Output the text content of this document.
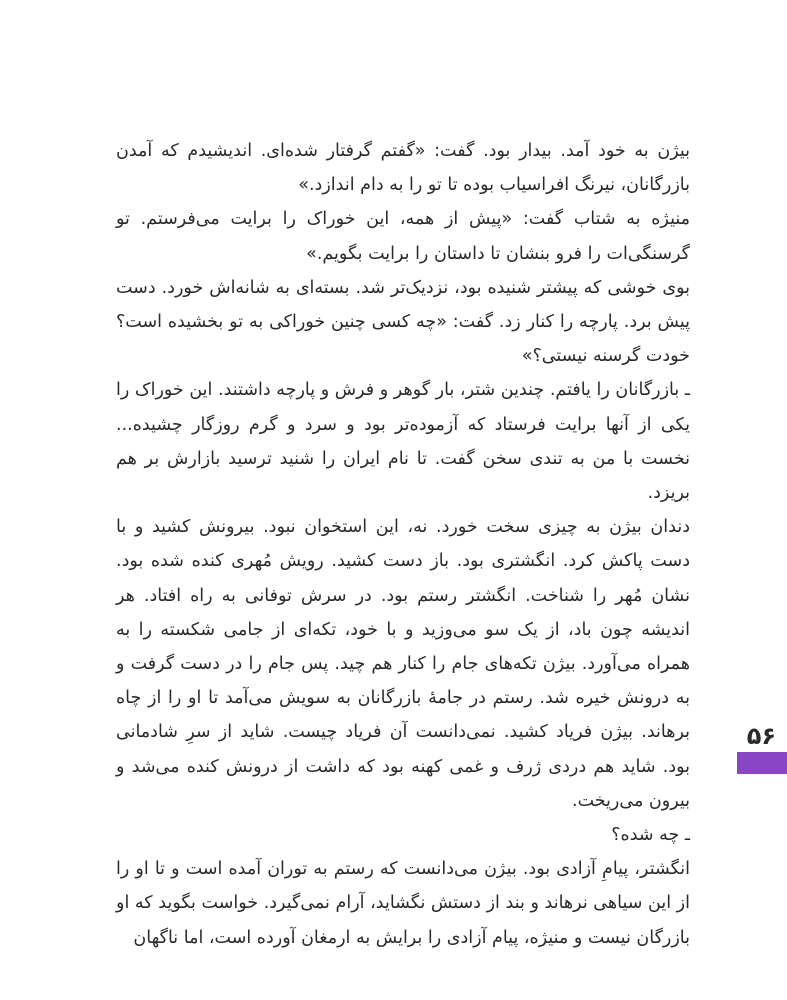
بیژن به خود آمد. بیدار بود. گفت: «گفتم گرفتار شده‌ای. اندیشیدم که آمدن بازرگانان، نیرنگ افراسیاب بوده تا تو را به دام اندازد.»

منیژه به شتاب گفت: «پیش از همه، این خوراک را برایت می‌فرستم. تو گرسنگی‌ات را فرو بنشان تا داستان را برایت بگویم.»

بوی خوشی که پیشتر شنیده بود، نزدیک‌تر شد. بسته‌ای به شانه‌اش خورد. دست پیش برد. پارچه را کنار زد. گفت: «چه کسی چنین خوراکی به تو بخشیده است؟ خودت گرسنه نیستی؟»

ـ بازرگانان را یافتم. چندین شتر، بار گوهر و فرش و پارچه داشتند. این خوراک را یکی از آنها برایت فرستاد که آزموده‌تر بود و سرد و گرم روزگار چشیده... نخست با من به تندی سخن گفت. تا نام ایران را شنید ترسید بازارش بر هم بریزد.

دندان بیژن به چیزی سخت خورد. نه، این استخوان نبود. بیرونش کشید و با دست پاکش کرد. انگشتری بود. باز دست کشید. رویش مُهری کنده شده بود. نشان مُهر را شناخت. انگشتر رستم بود. در سرش توفانی به راه افتاد. هر اندیشه چون باد، از یک سو می‌وزید و با خود، تکه‌ای از جامی شکسته را به همراه می‌آورد. بیژن تکه‌های جام را کنار هم چید. پس جام را در دست گرفت و به درونش خیره شد. رستم در جامهٔ بازرگانان به سویش می‌آمد تا او را از چاه برهاند. بیژن فریاد کشید. نمی‌دانست آن فریاد چیست. شاید از سرِ شادمانی بود. شاید هم دردی ژرف و غمی کهنه بود که داشت از درونش کنده می‌شد و بیرون می‌ریخت.

ـ چه شده؟

انگشتر، پیامِ آزادی بود. بیژن می‌دانست که رستم به توران آمده است و تا او را از این سیاهی نرهاند و بند از دستش نگشاید، آرام نمی‌گیرد. خواست بگوید که او بازرگان نیست و منیژه، پیام آزادی را برایش به ارمغان آورده است، اما ناگهان

۵۶
